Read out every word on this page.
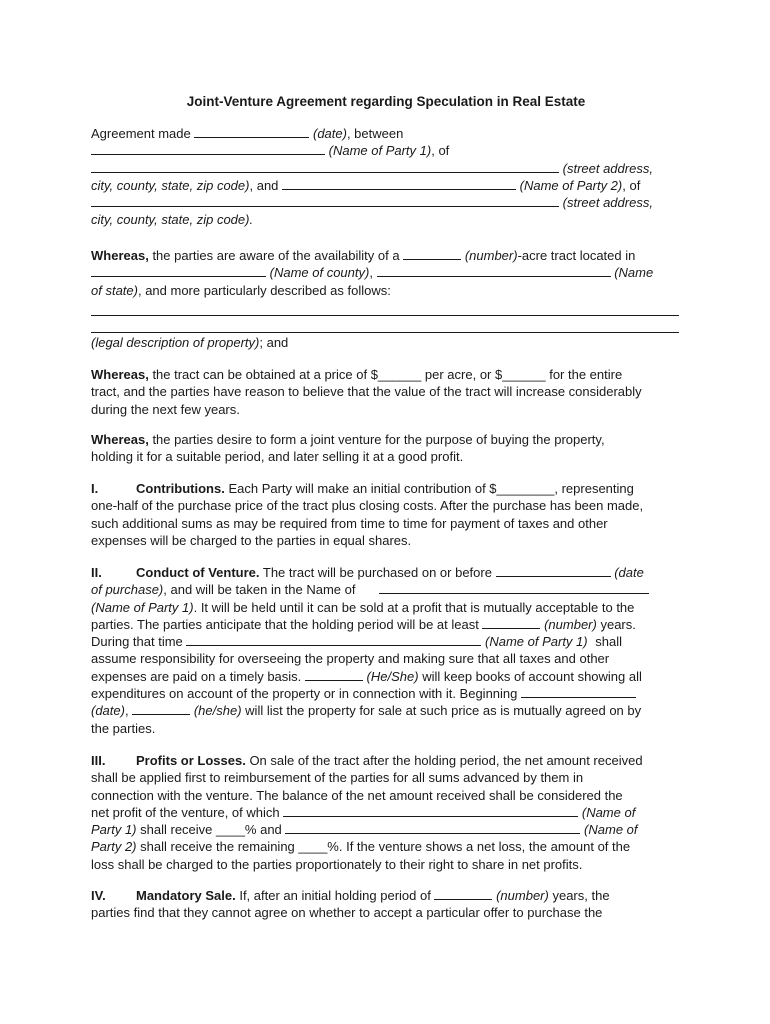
Joint-Venture Agreement regarding Speculation in Real Estate
Agreement made	(date), between
(Name of Party 1), of
(street address,
city, county, state, zip code), and	(Name of Party 2), of
(street address,
city, county, state, zip code).
Whereas, the parties are aware of the availability of a	(number)-acre tract located in
(Name of county),	(Name
of state), and more particularly described as follows:
(legal description of property); and
Whereas, the tract can be obtained at a price of $______ per acre, or $______ for the entire
tract, and the parties have reason to believe that the value of the tract will increase considerably
during the next few years.
Whereas, the parties desire to form a joint venture for the purpose of buying the property,
holding it for a suitable period, and later selling it at a good profit.
I.	Contributions. Each Party will make an initial contribution of $________, representing
one-half of the purchase price of the tract plus closing costs. After the purchase has been made,
such additional sums as may be required from time to time for payment of taxes and other
expenses will be charged to the parties in equal shares.
II.	Conduct of Venture. The tract will be purchased on or before	(date
of purchase), and will be taken in the Name of
(Name of Party 1). It will be held until it can be sold at a profit that is mutually acceptable to the
parties. The parties anticipate that the holding period will be at least	(number) years.
During that time	(Name of Party 1) shall
assume responsibility for overseeing the property and making sure that all taxes and other
expenses are paid on a timely basis.	(He/She) will keep books of account showing all
expenditures on account of the property or in connection with it. Beginning
(date),	(he/she) will list the property for sale at such price as is mutually agreed on by
the parties.
III. Profits or Losses. On sale of the tract after the holding period, the net amount received
shall be applied first to reimbursement of the parties for all sums advanced by them in
connection with the venture. The balance of the net amount received shall be considered the
net profit of the venture, of which	(Name of
Party 1) shall receive ____% and	(Name of
Party 2) shall receive the remaining ____%. If the venture shows a net loss, the amount of the
loss shall be charged to the parties proportionately to their right to share in net profits.
IV. Mandatory Sale. If, after an initial holding period of	(number) years, the
parties find that they cannot agree on whether to accept a particular offer to purchase the
